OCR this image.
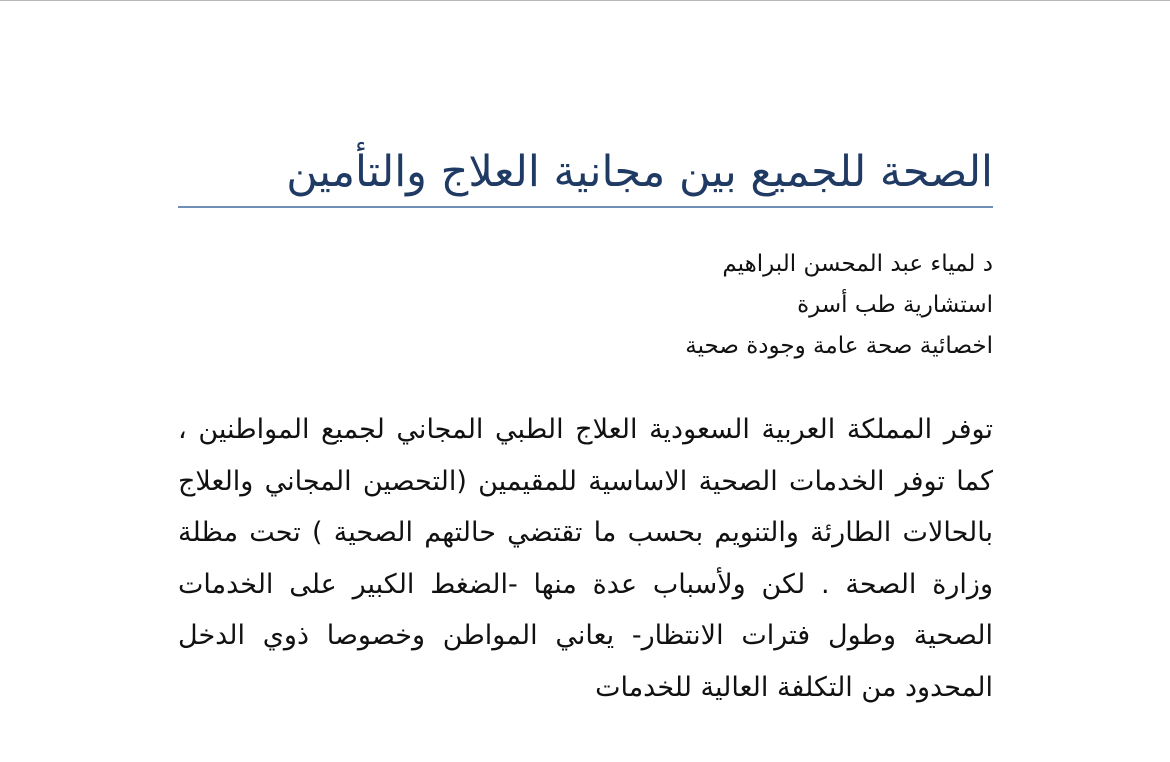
الصحة للجميع بين مجانية العلاج والتأمين
د لمياء عبد المحسن البراهيم
استشارية طب أسرة
اخصائية صحة عامة وجودة صحية

توفر المملكة العربية السعودية العلاج الطبي المجاني لجميع المواطنين ، كما توفر الخدمات الصحية الاساسية للمقيمين (التحصين المجاني والعلاج بالحالات الطارئة والتنويم بحسب ما تقتضي حالتهم الصحية ) تحت مظلة وزارة الصحة . لكن ولأسباب عدة منها -الضغط الكبير على الخدمات الصحية وطول فترات الانتظار- يعاني المواطن وخصوصا ذوي الدخل المحدود من التكلفة العالية للخدمات
